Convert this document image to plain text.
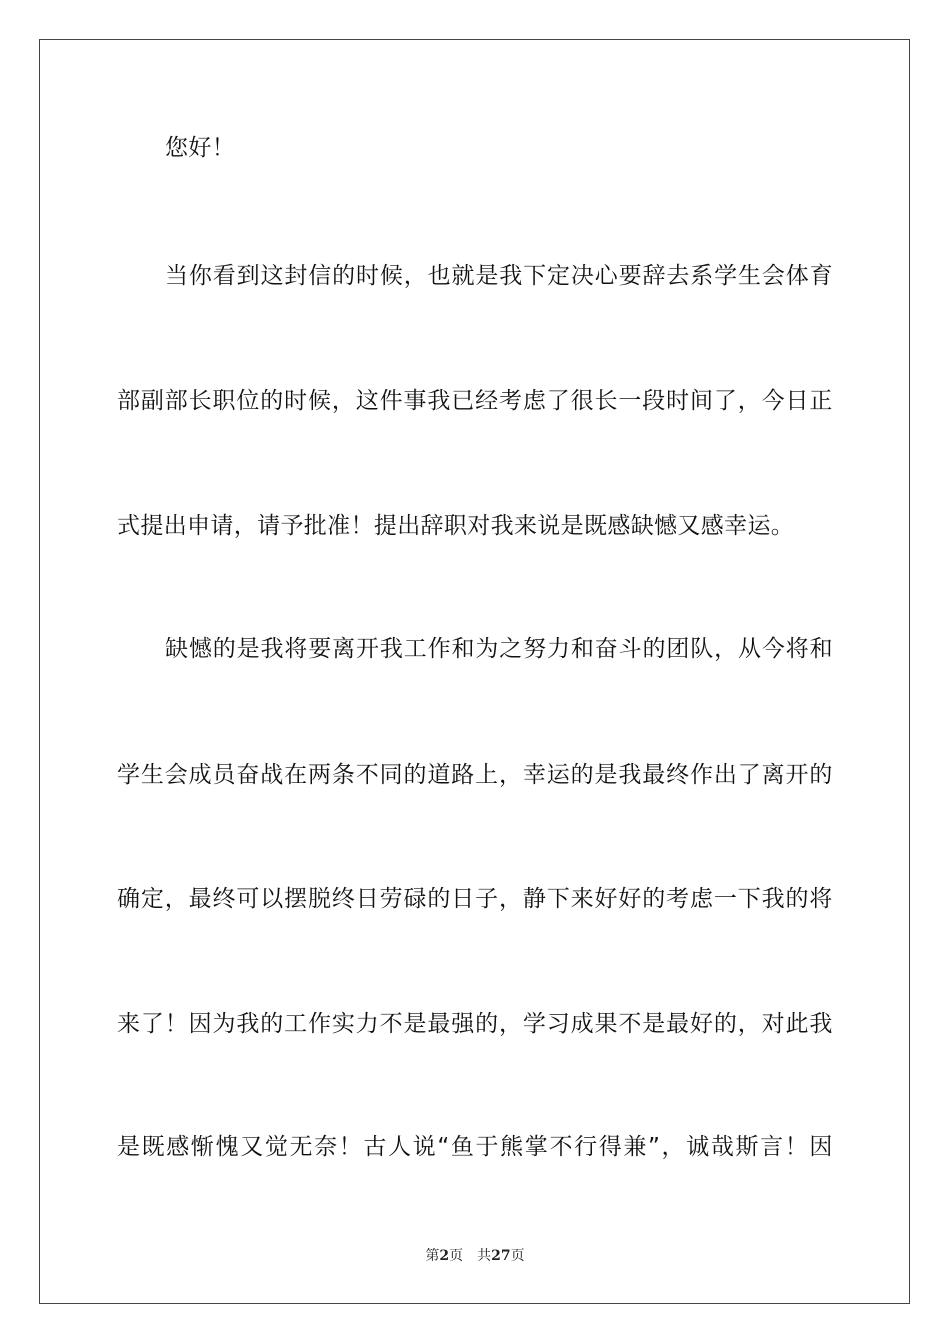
您好！
当 你 看 到 这 封 信 的 时 候 ， 也 就 是 我 下 定 决 心 要 辞 去 系 学 生 会 体 育
部 副 部 长 职 位 的 时 候 ， 这 件 事 我 已 经 考 虑 了 很 长 一 段 时 间 了 ， 今 日 正
式提出申请，请予批准！提出辞职对我来说是既感缺憾又感幸运。
缺 憾 的 是 我 将 要 离 开 我 工 作 和 为 之 努 力 和 奋 斗 的 团 队 ， 从 今 将 和
学 生 会 成 员 奋 战 在 两 条 不 同 的 道 路 上 ， 幸 运 的 是 我 最 终 作 出 了 离 开 的
确 定 ， 最 终 可 以 摆 脱 终 日 劳 碌 的 日 子 ， 静 下 来 好 好 的 考 虑 一 下 我 的 将
来 了 ！ 因 为 我 的 工 作 实 力 不 是 最 强 的 ， 学 习 成 果 不 是 最 好 的 ， 对 此 我
是 既 感 惭 愧 又 觉 无 奈 ！ 古 人 说 “ 鱼 于 熊 掌 不 行 得 兼 ” ， 诚 哉 斯 言 ！ 因
第2页 共27页
